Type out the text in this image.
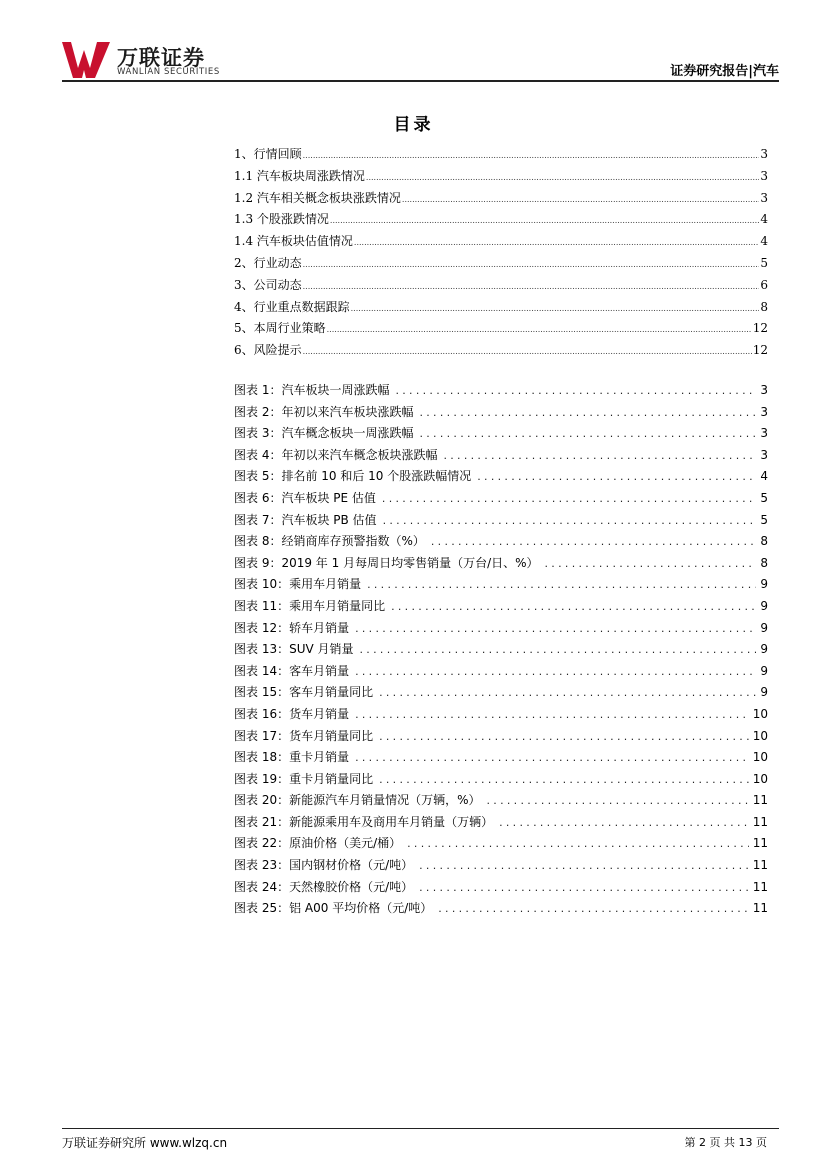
万联证券
WANLIAN SECURITIES	证券研究报告|汽车
目录
1、行情回顾 .....	3
1.1 汽车板块周涨跌情况 .....	3
1.2 汽车相关概念板块涨跌情况 .....	3
1.3 个股涨跌情况 .....	4
1.4 汽车板块估值情况 .....	4
2、行业动态 .....	5
3、公司动态 .....	6
4、行业重点数据跟踪 .....	8
5、本周行业策略 .....	12
6、风险提示 .....	12
图表 1：汽车板块一周涨跌幅 .....	3
图表 2：年初以来汽车板块涨跌幅 .....	3
图表 3：汽车概念板块一周涨跌幅 .....	3
图表 4：年初以来汽车概念板块涨跌幅 .....	3
图表 5：排名前 10 和后 10 个股涨跌幅情况 .....	4
图表 6：汽车板块 PE 估值 .....	5
图表 7：汽车板块 PB 估值 .....	5
图表 8：经销商库存预警指数（%） .....	8
图表 9：2019 年 1 月每周日均零售销量（万台/日、%） .....	8
图表 10：乘用车月销量 .....	9
图表 11：乘用车月销量同比 .....	9
图表 12：轿车月销量 .....	9
图表 13：SUV 月销量 .....	9
图表 14：客车月销量 .....	9
图表 15：客车月销量同比 .....	9
图表 16：货车月销量 .....	10
图表 17：货车月销量同比 .....	10
图表 18：重卡月销量 .....	10
图表 19：重卡月销量同比 .....	10
图表 20：新能源汽车月销量情况（万辆，%） .....	11
图表 21：新能源乘用车及商用车月销量（万辆） .....	11
图表 22：原油价格（美元/桶） .....	11
图表 23：国内钢材价格（元/吨） .....	11
图表 24：天然橡胶价格（元/吨） .....	11
图表 25：铝 A00 平均价格（元/吨） .....	11
万联证券研究所 www.wlzq.cn	第 2 页 共 13 页
